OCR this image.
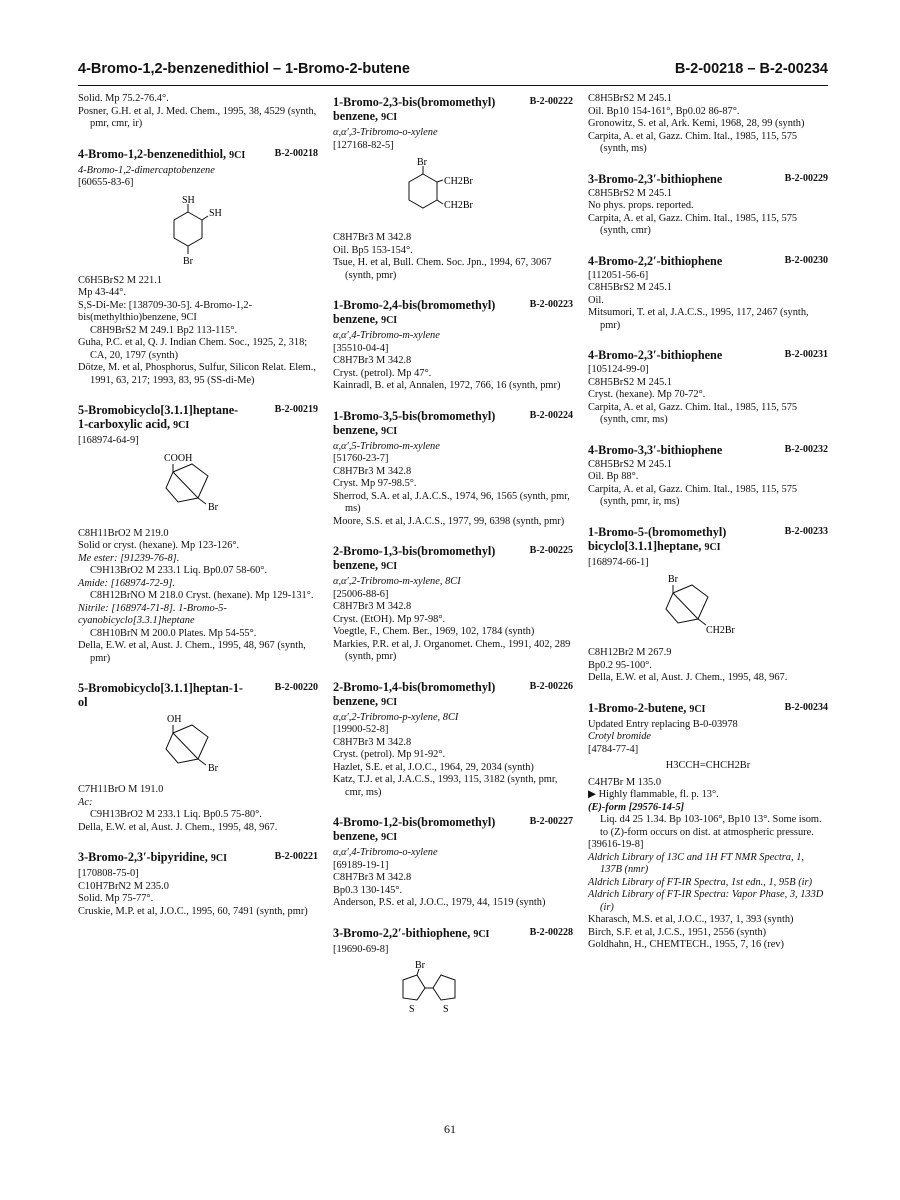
4-Bromo-1,2-benzenedithiol – 1-Bromo-2-butene	B-2-00218 – B-2-00234
Solid. Mp 75.2-76.4°.
Posner, G.H. et al, J. Med. Chem., 1995, 38, 4529 (synth, pmr, cmr, ir)
4-Bromo-1,2-benzenedithiol, 9CI	B-2-00218
4-Bromo-1,2-dimercaptobenzene
[60655-83-6]
SH
SH
Br
C6H5BrS2 M 221.1
Mp 43-44°.
S,S-Di-Me: [138709-30-5]. 4-Bromo-1,2-bis(methylthio)benzene, 9CI
C8H9BrS2 M 249.1 Bp2 113-115°.
Guha, P.C. et al, Q. J. Indian Chem. Soc., 1925, 2, 318; CA, 20, 1797 (synth)
Dötze, M. et al, Phosphorus, Sulfur, Silicon Relat. Elem., 1991, 63, 217; 1993, 83, 95 (SS-di-Me)
5-Bromobicyclo[3.1.1]heptane-1-carboxylic acid, 9CI
B-2-00219
[168974-64-9]
COOH
Br
C8H11BrO2 M 219.0
Solid or cryst. (hexane). Mp 123-126°.
Me ester: [91239-76-8].
C9H13BrO2 M 233.1 Liq. Bp0.07 58-60°.
Amide: [168974-72-9].
C8H12BrNO M 218.0 Cryst. (hexane). Mp 129-131°.
Nitrile: [168974-71-8]. 1-Bromo-5-cyanobicyclo[3.3.1]heptane
C8H10BrN M 200.0 Plates. Mp 54-55°.
Della, E.W. et al, Aust. J. Chem., 1995, 48, 967 (synth, pmr)
5-Bromobicyclo[3.1.1]heptan-1-ol
B-2-00220
OH
Br
C7H11BrO M 191.0
Ac:
C9H13BrO2 M 233.1 Liq. Bp0.5 75-80°.
Della, E.W. et al, Aust. J. Chem., 1995, 48, 967.
3-Bromo-2,3′-bipyridine, 9CI	B-2-00221
[170808-75-0]
C10H7BrN2 M 235.0
Solid. Mp 75-77°.
Cruskie, M.P. et al, J.O.C., 1995, 60, 7491 (synth, pmr)
1-Bromo-2,3-bis(bromomethyl) benzene, 9CI
B-2-00222
α,α′,3-Tribromo-o-xylene
[127168-82-5]
Br
CH2Br
CH2Br
C8H7Br3 M 342.8
Oil. Bp5 153-154°.
Tsue, H. et al, Bull. Chem. Soc. Jpn., 1994, 67, 3067 (synth, pmr)
1-Bromo-2,4-bis(bromomethyl) benzene, 9CI
B-2-00223
α,α′,4-Tribromo-m-xylene
[35510-04-4]
C8H7Br3 M 342.8
Cryst. (petrol). Mp 47°.
Kainradl, B. et al, Annalen, 1972, 766, 16 (synth, pmr)
1-Bromo-3,5-bis(bromomethyl) benzene, 9CI
B-2-00224
α,α′,5-Tribromo-m-xylene
[51760-23-7]
C8H7Br3 M 342.8
Cryst. Mp 97-98.5°.
Sherrod, S.A. et al, J.A.C.S., 1974, 96, 1565 (synth, pmr, ms)
Moore, S.S. et al, J.A.C.S., 1977, 99, 6398 (synth, pmr)
2-Bromo-1,3-bis(bromomethyl) benzene, 9CI
B-2-00225
α,α′,2-Tribromo-m-xylene, 8CI
[25006-88-6]
C8H7Br3 M 342.8
Cryst. (EtOH). Mp 97-98°.
Voegtle, F., Chem. Ber., 1969, 102, 1784 (synth)
Markies, P.R. et al, J. Organomet. Chem., 1991, 402, 289 (synth, pmr)
2-Bromo-1,4-bis(bromomethyl) benzene, 9CI
B-2-00226
α,α′,2-Tribromo-p-xylene, 8CI
[19900-52-8]
C8H7Br3 M 342.8
Cryst. (petrol). Mp 91-92°.
Hazlet, S.E. et al, J.O.C., 1964, 29, 2034 (synth)
Katz, T.J. et al, J.A.C.S., 1993, 115, 3182 (synth, pmr, cmr, ms)
4-Bromo-1,2-bis(bromomethyl) benzene, 9CI
B-2-00227
α,α′,4-Tribromo-o-xylene
[69189-19-1]
C8H7Br3 M 342.8
Bp0.3 130-145°.
Anderson, P.S. et al, J.O.C., 1979, 44, 1519 (synth)
3-Bromo-2,2′-bithiophene, 9CI	B-2-00228
[19690-69-8]
Br
S	S
C8H5BrS2 M 245.1
Oil. Bp10 154-161°, Bp0.02 86-87°.
Gronowitz, S. et al, Ark. Kemi, 1968, 28, 99 (synth)
Carpita, A. et al, Gazz. Chim. Ital., 1985, 115, 575 (synth, ms)
3-Bromo-2,3′-bithiophene	B-2-00229
C8H5BrS2 M 245.1
No phys. props. reported.
Carpita, A. et al, Gazz. Chim. Ital., 1985, 115, 575 (synth, cmr)
4-Bromo-2,2′-bithiophene	B-2-00230
[112051-56-6]
C8H5BrS2 M 245.1
Oil.
Mitsumori, T. et al, J.A.C.S., 1995, 117, 2467 (synth, pmr)
4-Bromo-2,3′-bithiophene	B-2-00231
[105124-99-0]
C8H5BrS2 M 245.1
Cryst. (hexane). Mp 70-72°.
Carpita, A. et al, Gazz. Chim. Ital., 1985, 115, 575 (synth, cmr, ms)
4-Bromo-3,3′-bithiophene	B-2-00232
C8H5BrS2 M 245.1
Oil. Bp 88°.
Carpita, A. et al, Gazz. Chim. Ital., 1985, 115, 575 (synth, pmr, ir, ms)
1-Bromo-5-(bromomethyl) bicyclo[3.1.1]heptane, 9CI
B-2-00233
[168974-66-1]
Br
CH2Br
C8H12Br2 M 267.9
Bp0.2 95-100°.
Della, E.W. et al, Aust. J. Chem., 1995, 48, 967.
1-Bromo-2-butene, 9CI	B-2-00234
Updated Entry replacing B-0-03978
Crotyl bromide
[4784-77-4]
H3CCH=CHCH2Br
C4H7Br M 135.0
▶ Highly flammable, fl. p. 13°.
(E)-form [29576-14-5]
Liq. d4 25 1.34. Bp 103-106°, Bp10 13°. Some isom. to (Z)-form occurs on dist. at atmospheric pressure.
[39616-19-8]
Aldrich Library of 13C and 1H FT NMR Spectra, 1, 137B (nmr)
Aldrich Library of FT-IR Spectra, 1st edn., 1, 95B (ir)
Aldrich Library of FT-IR Spectra: Vapor Phase, 3, 133D (ir)
Kharasch, M.S. et al, J.O.C., 1937, 1, 393 (synth)
Birch, S.F. et al, J.C.S., 1951, 2556 (synth)
Goldhahn, H., CHEMTECH., 1955, 7, 16 (rev)
61
